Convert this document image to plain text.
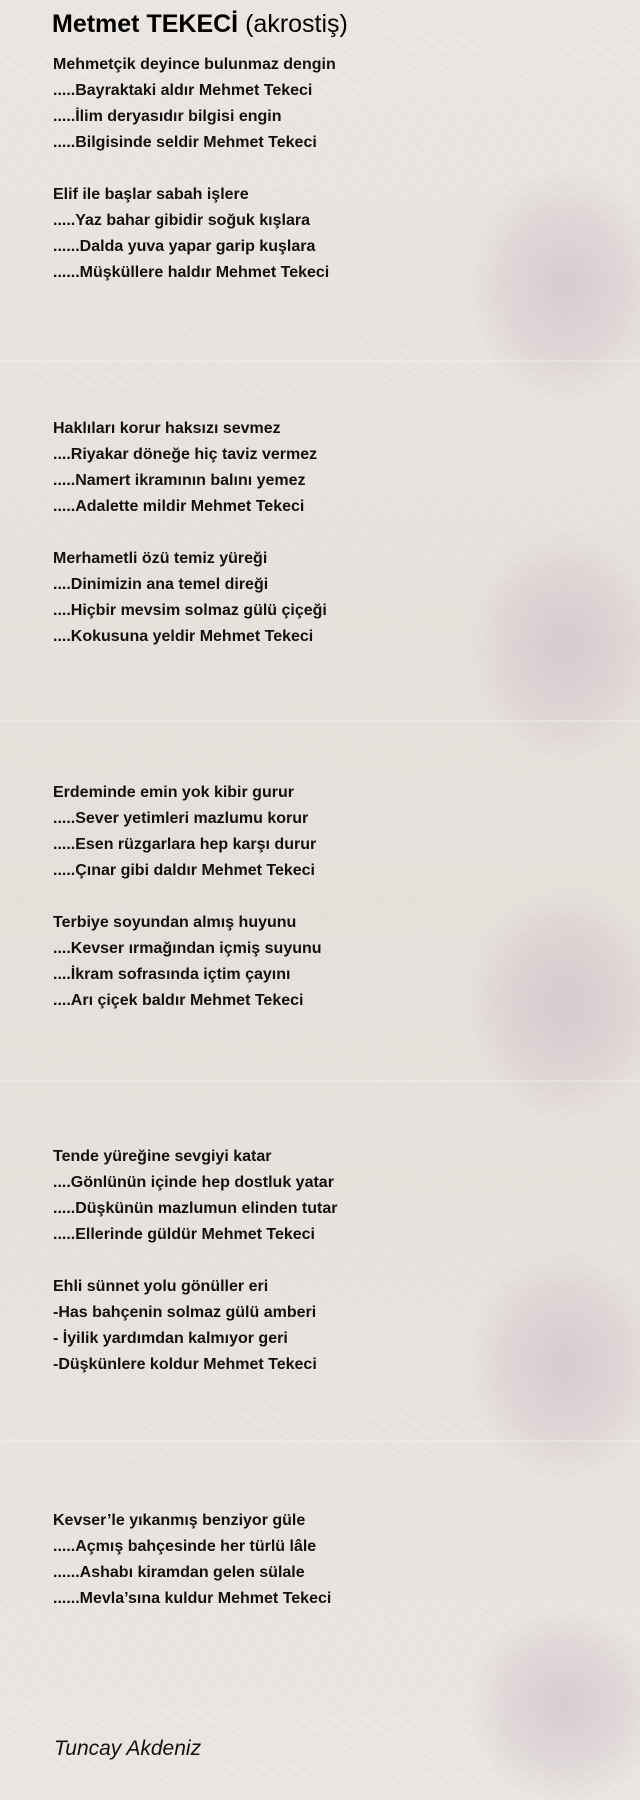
Metmet TEKECİ (akrostiş)
Mehmetçik deyince bulunmaz dengin
.....Bayraktaki aldır Mehmet Tekeci
.....İlim deryasıdır bilgisi engin
.....Bilgisinde seldir Mehmet Tekeci
Elif ile başlar sabah işlere
.....Yaz bahar gibidir soğuk kışlara
......Dalda yuva yapar garip kuşlara
......Müşküllere haldır Mehmet Tekeci
Haklıları korur haksızı sevmez
....Riyakar döneğe hiç taviz vermez
.....Namert ikramının balını yemez
.....Adalette mildir Mehmet Tekeci
Merhametli özü temiz yüreği
....Dinimizin ana temel direği
....Hiçbir mevsim solmaz gülü çiçeği
....Kokusuna yeldir Mehmet Tekeci
Erdeminde emin yok kibir gurur
.....Sever yetimleri mazlumu korur
.....Esen rüzgarlara hep karşı durur
.....Çınar gibi daldır Mehmet Tekeci
Terbiye soyundan almış huyunu
....Kevser ırmağından içmiş suyunu
....İkram sofrasında içtim çayını
....Arı çiçek baldır Mehmet Tekeci
Tende yüreğine sevgiyi katar
....Gönlünün içinde hep dostluk yatar
.....Düşkünün mazlumun elinden tutar
.....Ellerinde güldür Mehmet Tekeci
Ehli sünnet yolu gönüller eri
-Has bahçenin solmaz gülü amberi
- İyilik yardımdan kalmıyor geri
-Düşkünlere koldur Mehmet Tekeci
Kevser’le yıkanmış benziyor güle
.....Açmış bahçesinde her türlü lâle
......Ashabı kiramdan gelen sülale
......Mevla’sına kuldur Mehmet Tekeci
Tuncay Akdeniz
